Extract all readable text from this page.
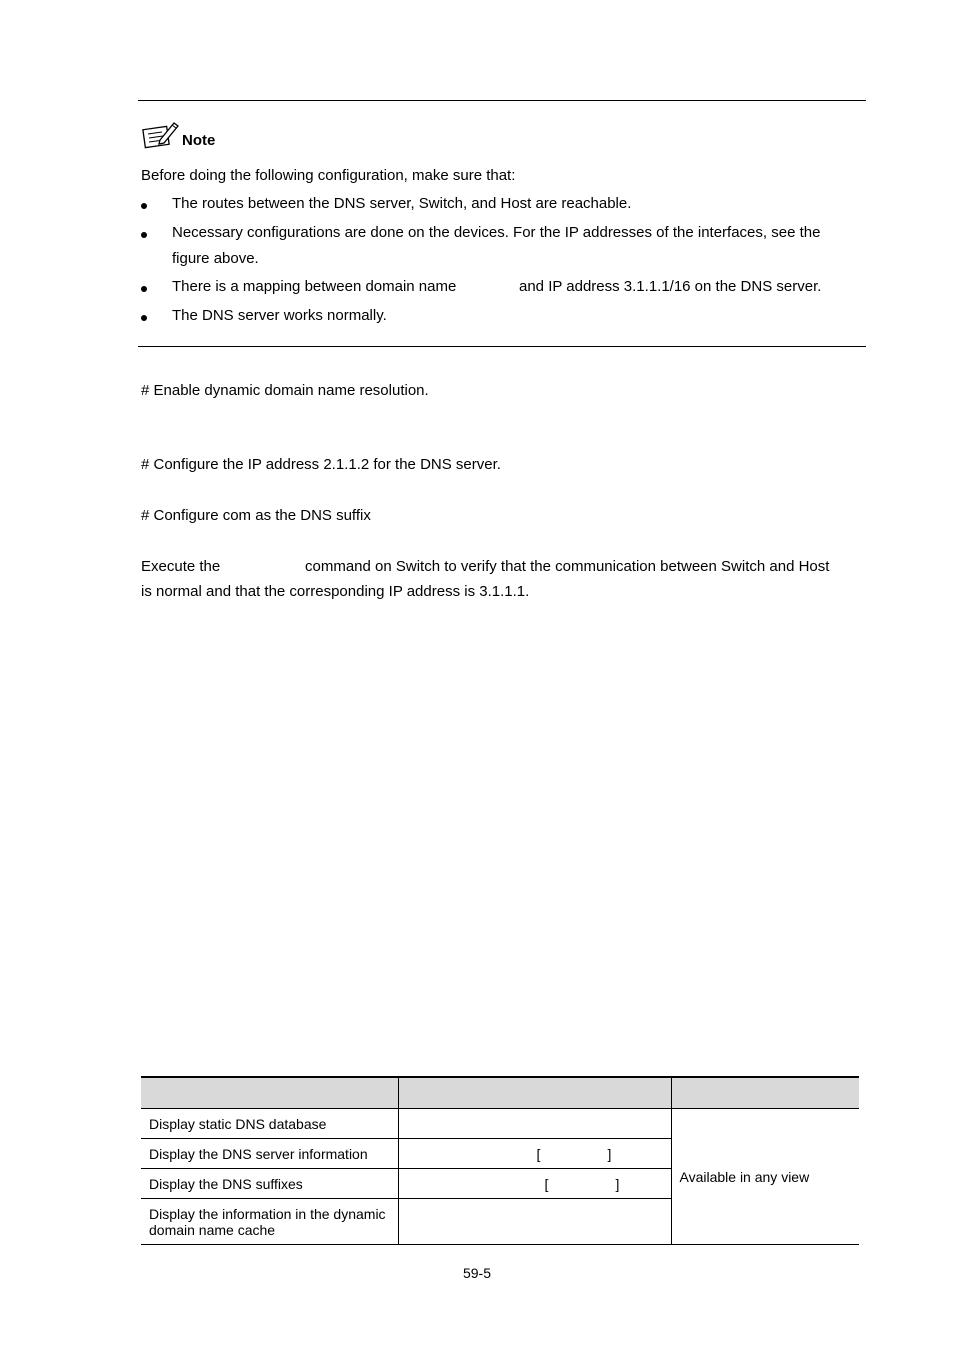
Note
Before doing the following configuration, make sure that:
The routes between the DNS server, Switch, and Host are reachable.
Necessary configurations are done on the devices. For the IP addresses of the interfaces, see the
figure above.
There is a mapping between domain name	and IP address 3.1.1.1/16 on the DNS server.
The DNS server works normally.
# Enable dynamic domain name resolution.
# Configure the IP address 2.1.1.2 for the DNS server.
# Configure com as the DNS suffix
Execute the	command on Switch to verify that the communication between Switch and Host
is normal and that the corresponding IP address is 3.1.1.1.

Display static DNS database		Available in any view
Display the DNS server information	[ ]	

Display the DNS suffixes	[ ]	

Display the information in the dynamic domain name cache		
59-5
